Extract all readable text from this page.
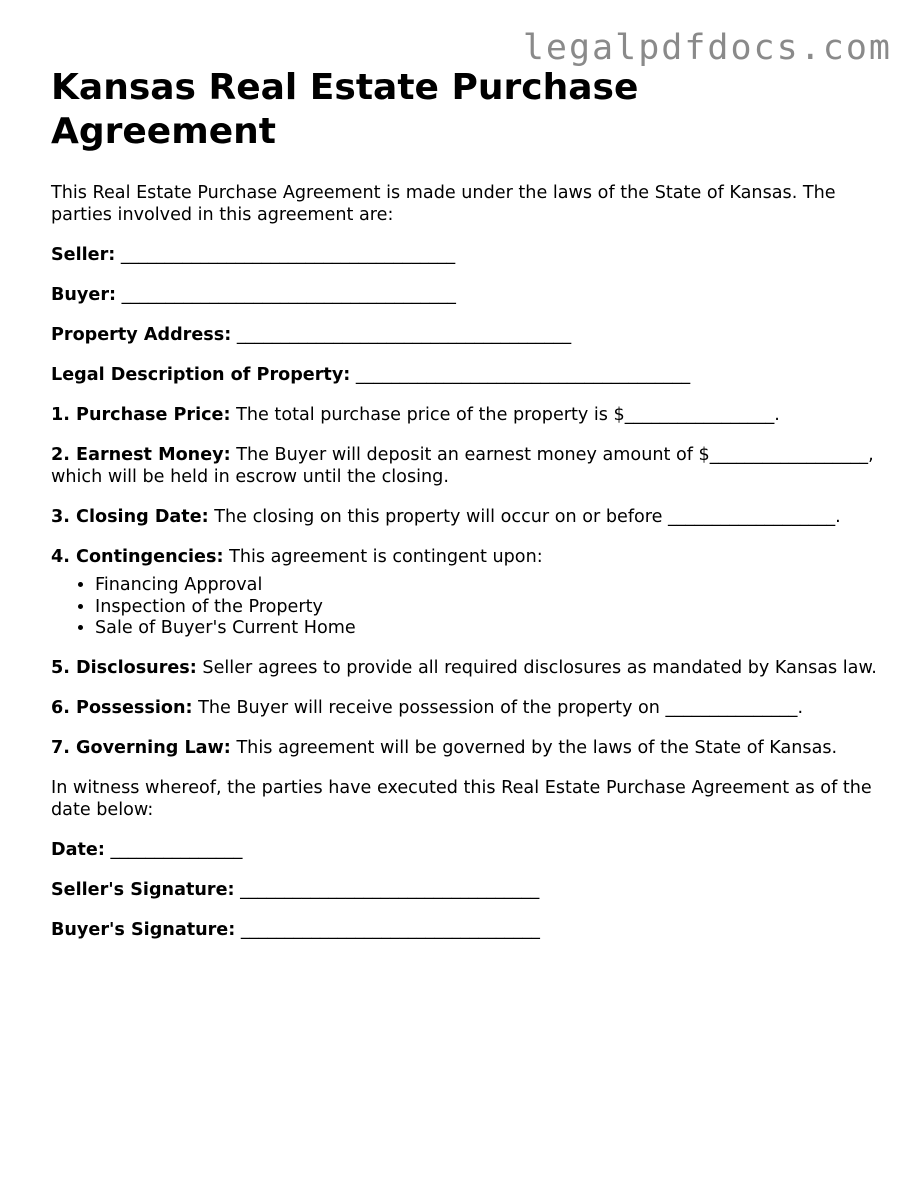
legalpdfdocs.com
Kansas Real Estate Purchase Agreement

This Real Estate Purchase Agreement is made under the laws of the State of Kansas. The parties involved in this agreement are:

Seller: ______________________________________

Buyer: ______________________________________

Property Address: ______________________________________

Legal Description of Property: ______________________________________

1. Purchase Price: The total purchase price of the property is $_________________.

2. Earnest Money: The Buyer will deposit an earnest money amount of $__________________, which will be held in escrow until the closing.

3. Closing Date: The closing on this property will occur on or before ___________________.

4. Contingencies: This agreement is contingent upon:

• Financing Approval
• Inspection of the Property
• Sale of Buyer's Current Home

5. Disclosures: Seller agrees to provide all required disclosures as mandated by Kansas law.

6. Possession: The Buyer will receive possession of the property on _______________.

7. Governing Law: This agreement will be governed by the laws of the State of Kansas.

In witness whereof, the parties have executed this Real Estate Purchase Agreement as of the date below:

Date: _______________

Seller's Signature: __________________________________

Buyer's Signature: __________________________________
